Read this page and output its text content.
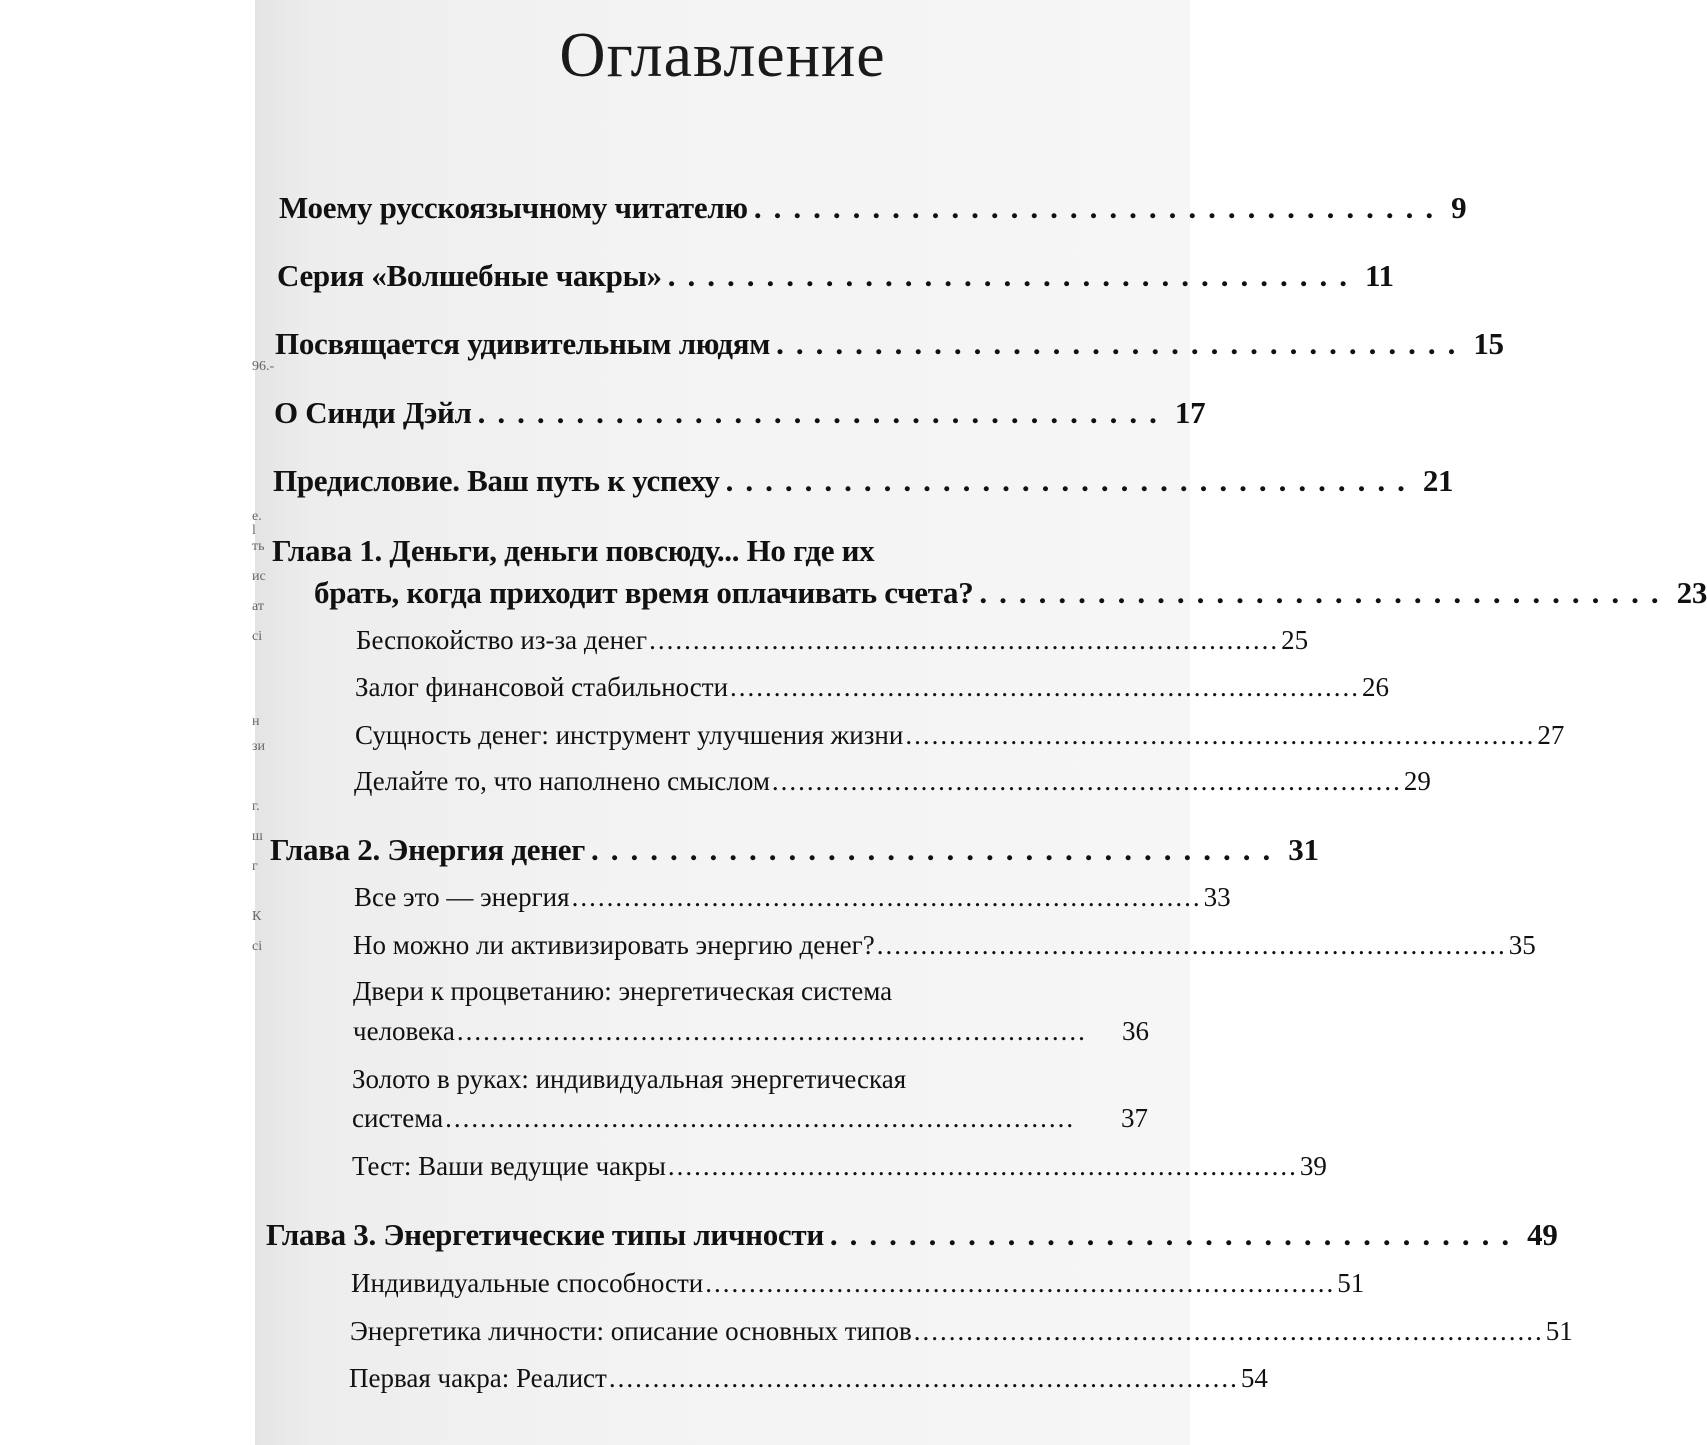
96.-
e. l
ть
ис
ат
ci
н
зи
г.
ш
г
К
ci
Оглавление
Моему русскоязычному читателю ................................... 9
Серия «Волшебные чакры» ................................... 11
Посвящается удивительным людям ................................... 15
О Синди Дэйл ................................... 17
Предисловие. Ваш путь к успеху ................................... 21
Глава 1. Деньги, деньги повсюду... Но где их
брать, когда приходит время оплачивать счета? ................................... 23
Беспокойство из-за денег ........................................................................ 25
Залог финансовой стабильности ........................................................................ 26
Сущность денег: инструмент улучшения жизни ........................................................................ 27
Делайте то, что наполнено смыслом ........................................................................ 29
Глава 2. Энергия денег ................................... 31
Все это — энергия ........................................................................ 33
Но можно ли активизировать энергию денег? ........................................................................ 35
Двери к процветанию: энергетическая система
человека ........................................................................	36
Золото в руках: индивидуальная энергетическая
система ........................................................................	37
Тест: Ваши ведущие чакры ........................................................................ 39
Глава 3. Энергетические типы личности ................................... 49
Индивидуальные способности ........................................................................ 51
Энергетика личности: описание основных типов ........................................................................ 51
Первая чакра: Реалист ........................................................................ 54
